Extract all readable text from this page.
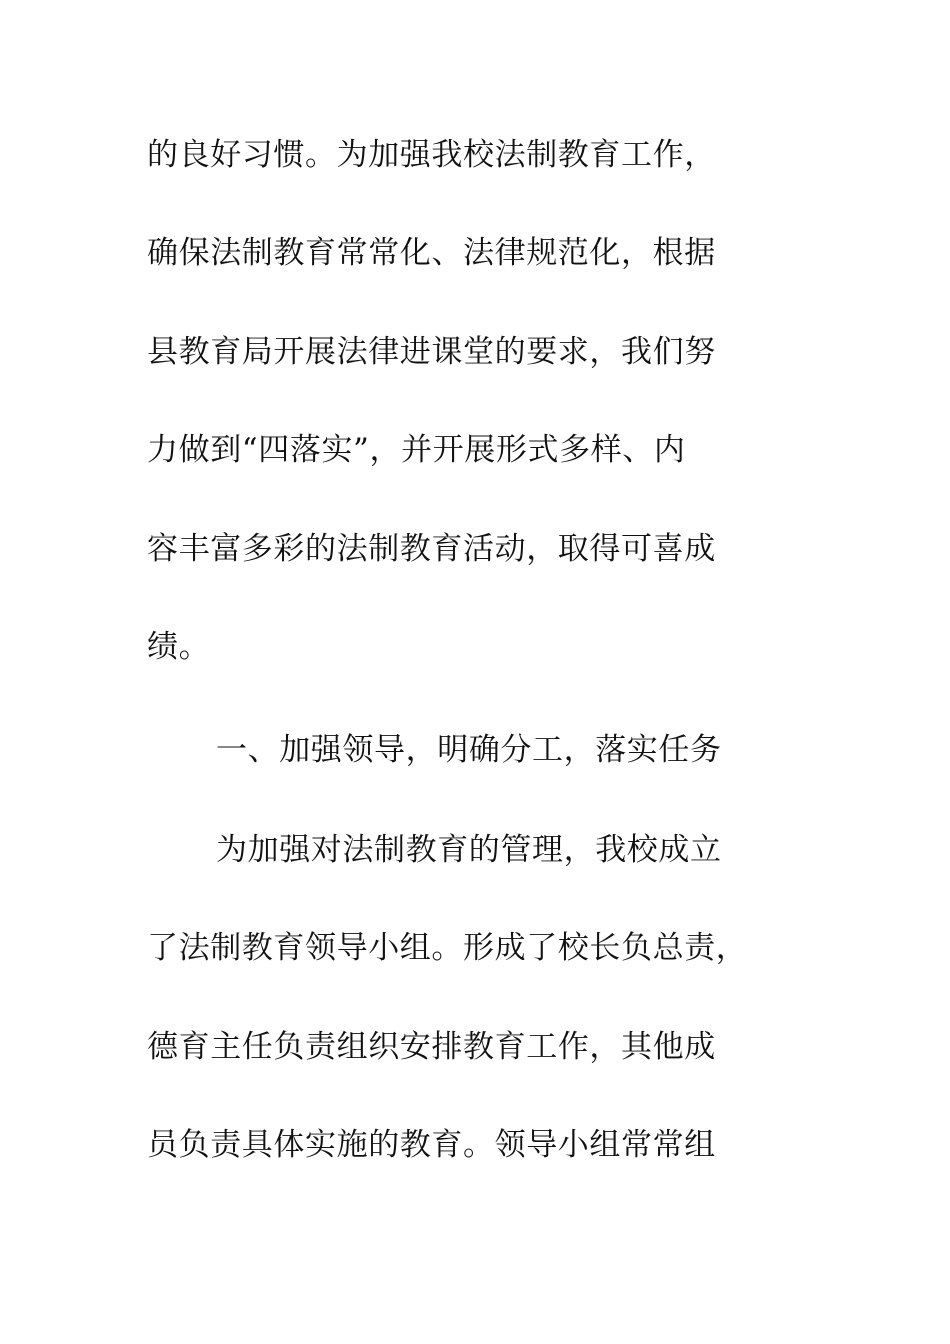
的良好习惯。为加强我校法制教育工作，
确保法制教育常常化、法律规范化，根据
县教育局开展法律进课堂的要求，我们努
力做到“四落实”，并开展形式多样、内
容丰富多彩的法制教育活动，取得可喜成
绩。
一、加强领导，明确分工，落实任务
为加强对法制教育的管理，我校成立
了法制教育领导小组。形成了校长负总责，
德育主任负责组织安排教育工作，其他成
员负责具体实施的教育。领导小组常常组
